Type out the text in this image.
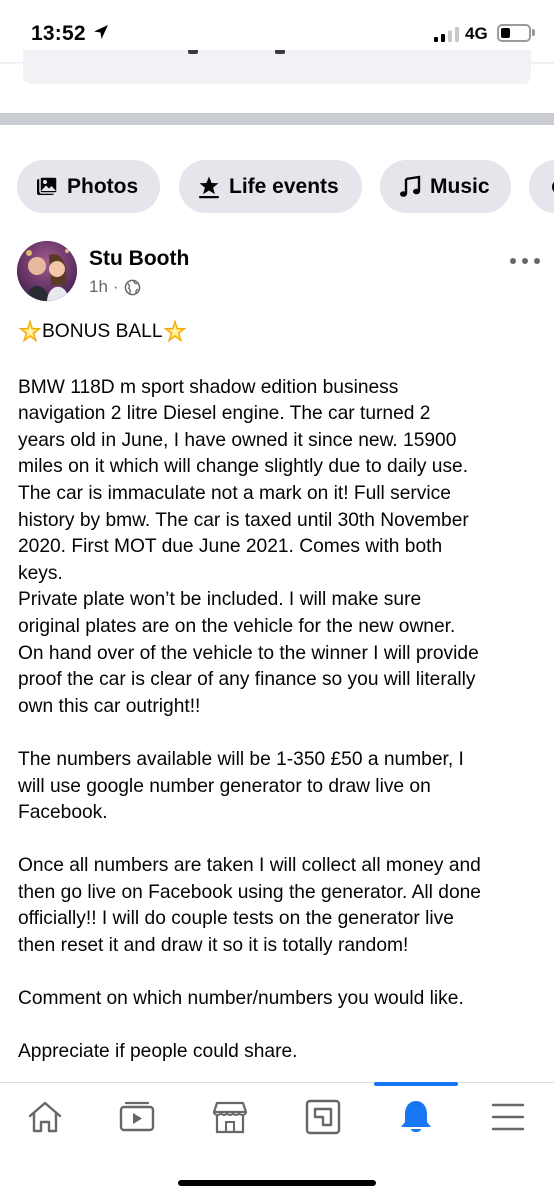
13:52	4G
Photos	Life events	Music
Stu Booth
1h ·

BONUS BALL

BMW 118D m sport shadow edition business

navigation 2 litre Diesel engine. The car turned 2

years old in June, I have owned it since new. 15900

miles on it which will change slightly due to daily use.

The car is immaculate not a mark on it! Full service

history by bmw. The car is taxed until 30th November

2020. First MOT due June 2021. Comes with both

keys.

Private plate won’t be included. I will make sure

original plates are on the vehicle for the new owner.

On hand over of the vehicle to the winner I will provide

proof the car is clear of any finance so you will literally

own this car outright!!

The numbers available will be 1-350 £50 a number, I

will use google number generator to draw live on

Facebook.

Once all numbers are taken I will collect all money and

then go live on Facebook using the generator. All done

officially!! I will do couple tests on the generator live

then reset it and draw it so it is totally random!

Comment on which number/numbers you would like.

Appreciate if people could share.
